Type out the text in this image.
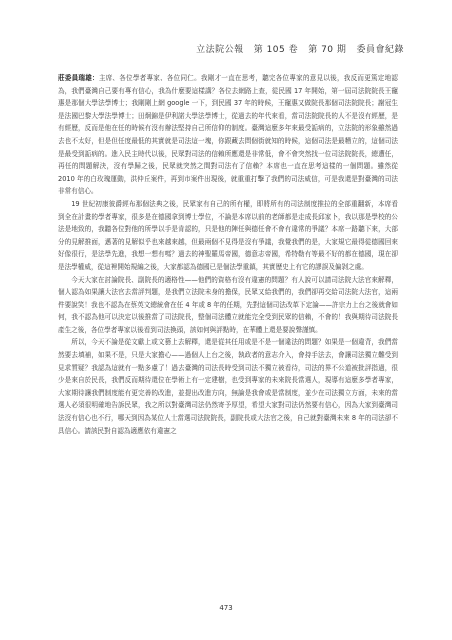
立法院公報 第 105 卷 第 70 期 委員會紀錄

莊委員瑞雄：主席、各位學者專家、各位同仁。我剛才一直在思考，聽完各位專家的意見以後，我反而更篤定地認為，我們臺灣自己要有專有信心，我為什麼要這樣講？各位去網路上查，從民國 17 年開始，第一屆司法院院長王寵惠是那個大學法學博士；我剛剛上網 google 一下，到民國 37 年的時候，王寵惠又做院長那個司法院院長；謝冠生是法國巴黎大學法學博士；田炯錦是伊利諾大學法學博士，從過去的年代來看，當司法院院長的人不是沒有經歷，是有經歷，反而是他在任的時候有沒有辦法堅持自己所信仰的制度。臺灣這麼多年來最受詬病的，立法院的形象雖然過去也不太好，但是但任度最低的其實就是司法這一塊，你跟藏去問個街就知的時候，這個司法是最糟立的，這個司法是最受到詬病的。進入民主時代以後，民眾對司法的信賴所應還是非常低，會不會突然找一位司法院院長，總遭任，再任的問題解決，沒有學歸之後，民眾就突然之間對司法有了信賴？本席也一直在思考這樣的一個問題。雖然從 2010 年的白玫瑰運動，洪仲丘案件，再到市案件出現後，就重重打擊了我們的司法威信，可是我還是對臺灣的司法非常有信心。

19 世紀初康彼爵經布那個法典之後，民眾家有自己的所有權，即將所有的司法制度推拉的全部重翻新，本席看到全在計畫的學者專家，很多是在德國拿到博士學位，不論是本席以前的老師都是走成長邱家卜，我以那是學校的公法是地致的，我聽各位對他的所學以手是肯認的，只是他的陣任與德任會不會有違常的爭議？本席一路聽下來，大部分的見解推面，邁著的見解似乎也來越來越，但最兩個不見得是沒有爭議，我覺我們的是，大家規它最得從德國回來好像很行，是法學先進，我想一想有嗎？過去的神聖羅馬帝國，德意志帝國，希特勒有等最不好的都在德國，現在卻是法學權威，從這裡開始規編之後，大家都認為德國已是個法學重鎮，其實歷史上有它的謬誤及偏剝之處。

今天大家在討論院長、副院長的適格性——他們的資格有沒有違憲的問題？有人說可以請司法院大法官來解釋，個人認為如果讓大法官去當評判題，是我們立法院未身的擔保，民眾又給我們的，我們卻再交給司法院大法官，這兩件要說笑！我也不認為在蔡英文總統會在任 4 年或 8 年的任期，先對這個司法改革下定論——許宗力上台之後就會如何，我不認為他可以決定以後推當了司法院長，整個司法體立就能完全受到民眾的信賴，不會的！我與期待司法院長產生之後，各位學者專家以後看到司法換頭，該如何與評點時，在華體上還是要說聲謹慎。

所以，今天不論是從文獻上或文藝上去解釋，還是從其任用或是不是一個違法的問題？如果是一個違背，我們當然要去填補，如果不是，只是大家擔心——過個人上台之後，執政者的意志介入，會持手法去，會讓司法獨立難受到見求質疑？我認為這就有一點多慮了！過去臺灣的司法長時受到司法不獨立被看待，司法的界不公道被批評指過，很少是來自於民長，我們反而期待還位在學術上有一定建樹，也受到專家的未來院長當選人，現導有這麼多學者專家，大家期待讓我們制度能有更完善的改進，並提出改進方向，無論是我會或是當制度，並少在司法獨立方面，未來的當選人必須很明確地告訴民眾，我之所以對臺灣司法仍然寄予厚望，希望大家對司法仍然要有信心，因為大家到臺灣司法沒有信心也不行，哪天到因為某位人士當選司法院院長，副院長或大法官之後，自己就對臺灣未來 8 年的司法卻不具信心。請該民對自認為適應依有違憲之

473
